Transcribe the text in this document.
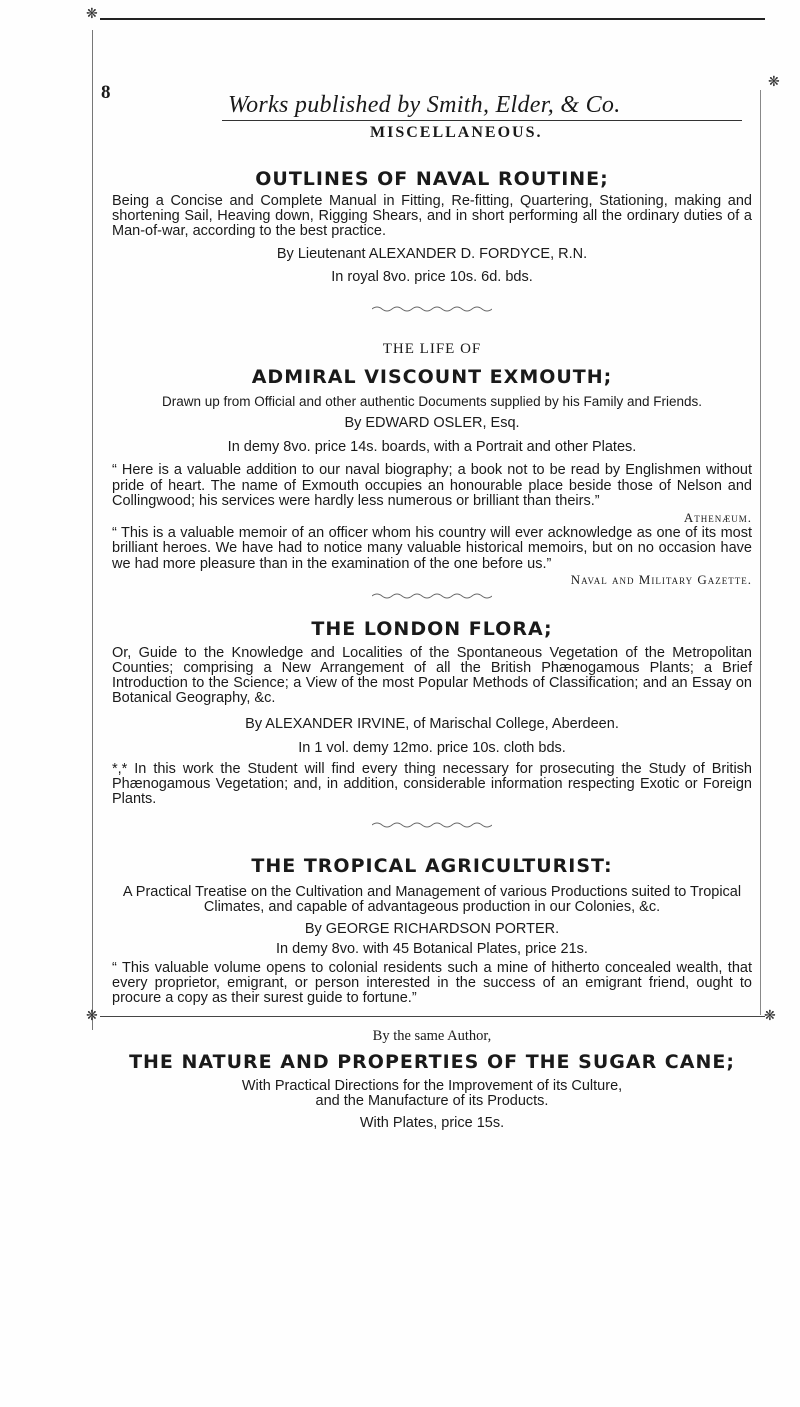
❋
❋
❋	❋
8	Works published by Smith, Elder, & Co.
MISCELLANEOUS.

OUTLINES OF NAVAL ROUTINE;

Being a Concise and Complete Manual in Fitting, Re-fitting, Quartering, Stationing, making and shortening Sail, Heaving down, Rigging Shears, and in short performing all the ordinary duties of a Man-of-war, according to the best practice.

By Lieutenant ALEXANDER D. FORDYCE, R.N.

In royal 8vo. price 10s. 6d. bds.

THE LIFE OF

ADMIRAL VISCOUNT EXMOUTH;

Drawn up from Official and other authentic Documents supplied by his Family and Friends.

By EDWARD OSLER, Esq.

In demy 8vo. price 14s. boards, with a Portrait and other Plates.

“ Here is a valuable addition to our naval biography; a book not to be read by Englishmen without pride of heart. The name of Exmouth occupies an honourable place beside those of Nelson and Collingwood; his services were hardly less numerous or brilliant than theirs.”

Athenæum.

“ This is a valuable memoir of an officer whom his country will ever acknowledge as one of its most brilliant heroes. We have had to notice many valuable historical memoirs, but on no occasion have we had more pleasure than in the examination of the one before us.”

Naval and Military Gazette.

THE LONDON FLORA;

Or, Guide to the Knowledge and Localities of the Spontaneous Vegetation of the Metropolitan Counties; comprising a New Arrangement of all the British Phænogamous Plants; a Brief Introduction to the Science; a View of the most Popular Methods of Classification; and an Essay on Botanical Geography, &c.

By ALEXANDER IRVINE, of Marischal College, Aberdeen.

In 1 vol. demy 12mo. price 10s. cloth bds.

*,* In this work the Student will find every thing necessary for prosecuting the Study of British Phænogamous Vegetation; and, in addition, considerable information respecting Exotic or Foreign Plants.

THE TROPICAL AGRICULTURIST:

A Practical Treatise on the Cultivation and Management of various Productions suited to Tropical Climates, and capable of advantageous production in our Colonies, &c.

By GEORGE RICHARDSON PORTER.

In demy 8vo. with 45 Botanical Plates, price 21s.

“ This valuable volume opens to colonial residents such a mine of hitherto concealed wealth, that every proprietor, emigrant, or person interested in the success of an emigrant friend, ought to procure a copy as their surest guide to fortune.”

By the same Author,

THE NATURE AND PROPERTIES OF THE SUGAR CANE;

With Practical Directions for the Improvement of its Culture,

and the Manufacture of its Products.

With Plates, price 15s.
